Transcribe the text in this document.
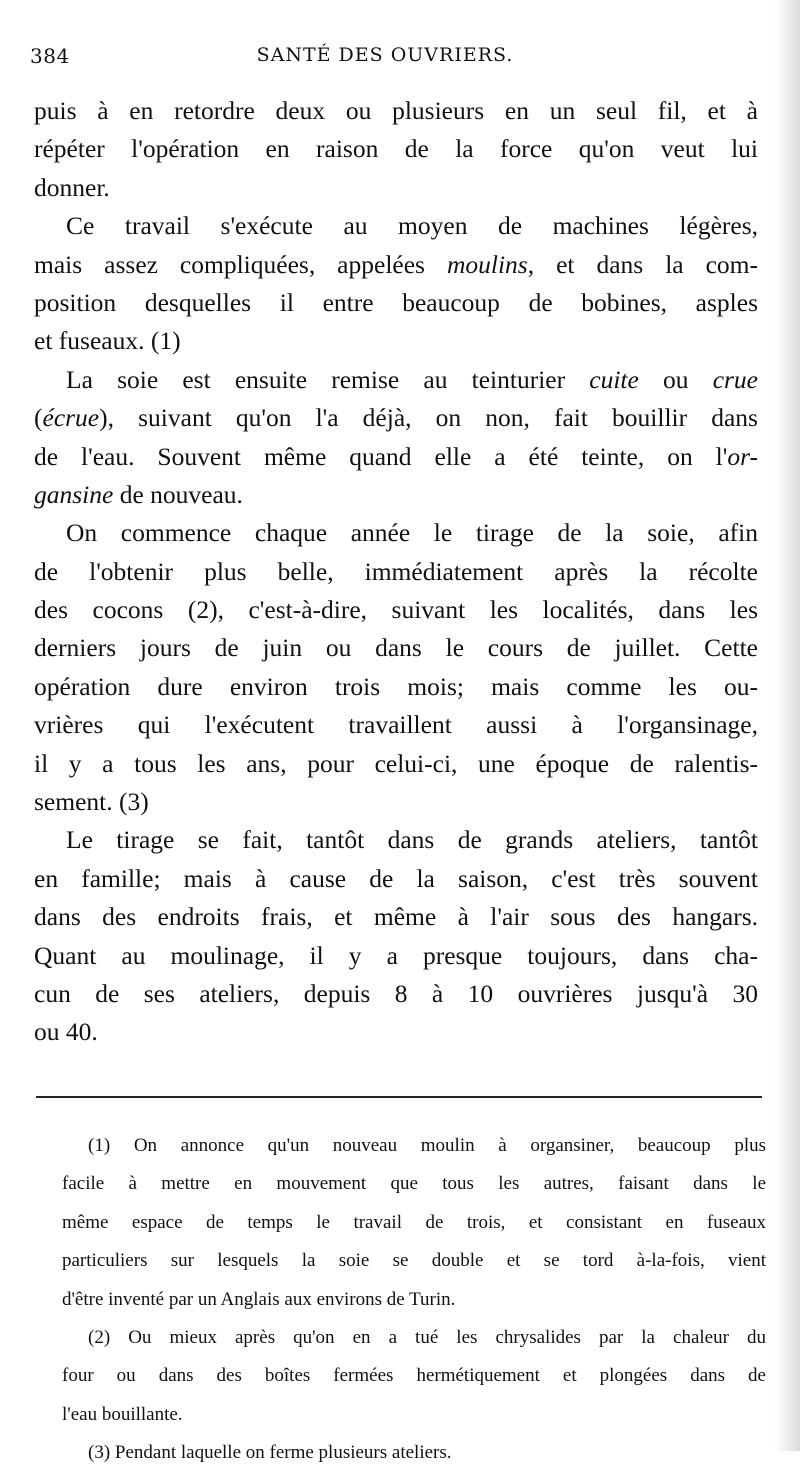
384	SANTÉ DES OUVRIERS.
puis à en retordre deux ou plusieurs en un seul fil, et à
répéter l'opération en raison de la force qu'on veut lui
donner.
Ce travail s'exécute au moyen de machines légères,
mais assez compliquées, appelées moulins, et dans la com-
position desquelles il entre beaucoup de bobines, asples
et fuseaux. (1)
La soie est ensuite remise au teinturier cuite ou crue
(écrue), suivant qu'on l'a déjà, on non, fait bouillir dans
de l'eau. Souvent même quand elle a été teinte, on l'or-
gansine de nouveau.
On commence chaque année le tirage de la soie, afin
de l'obtenir plus belle, immédiatement après la récolte
des cocons (2), c'est-à-dire, suivant les localités, dans les
derniers jours de juin ou dans le cours de juillet. Cette
opération dure environ trois mois; mais comme les ou-
vrières qui l'exécutent travaillent aussi à l'organsinage,
il y a tous les ans, pour celui-ci, une époque de ralentis-
sement. (3)
Le tirage se fait, tantôt dans de grands ateliers, tantôt
en famille; mais à cause de la saison, c'est très souvent
dans des endroits frais, et même à l'air sous des hangars.
Quant au moulinage, il y a presque toujours, dans cha-
cun de ses ateliers, depuis 8 à 10 ouvrières jusqu'à 30
ou 40.
(1) On annonce qu'un nouveau moulin à organsiner, beaucoup plus
facile à mettre en mouvement que tous les autres, faisant dans le
même espace de temps le travail de trois, et consistant en fuseaux
particuliers sur lesquels la soie se double et se tord à-la-fois, vient
d'être inventé par un Anglais aux environs de Turin.
(2) Ou mieux après qu'on en a tué les chrysalides par la chaleur du
four ou dans des boîtes fermées hermétiquement et plongées dans de
l'eau bouillante.
(3) Pendant laquelle on ferme plusieurs ateliers.
